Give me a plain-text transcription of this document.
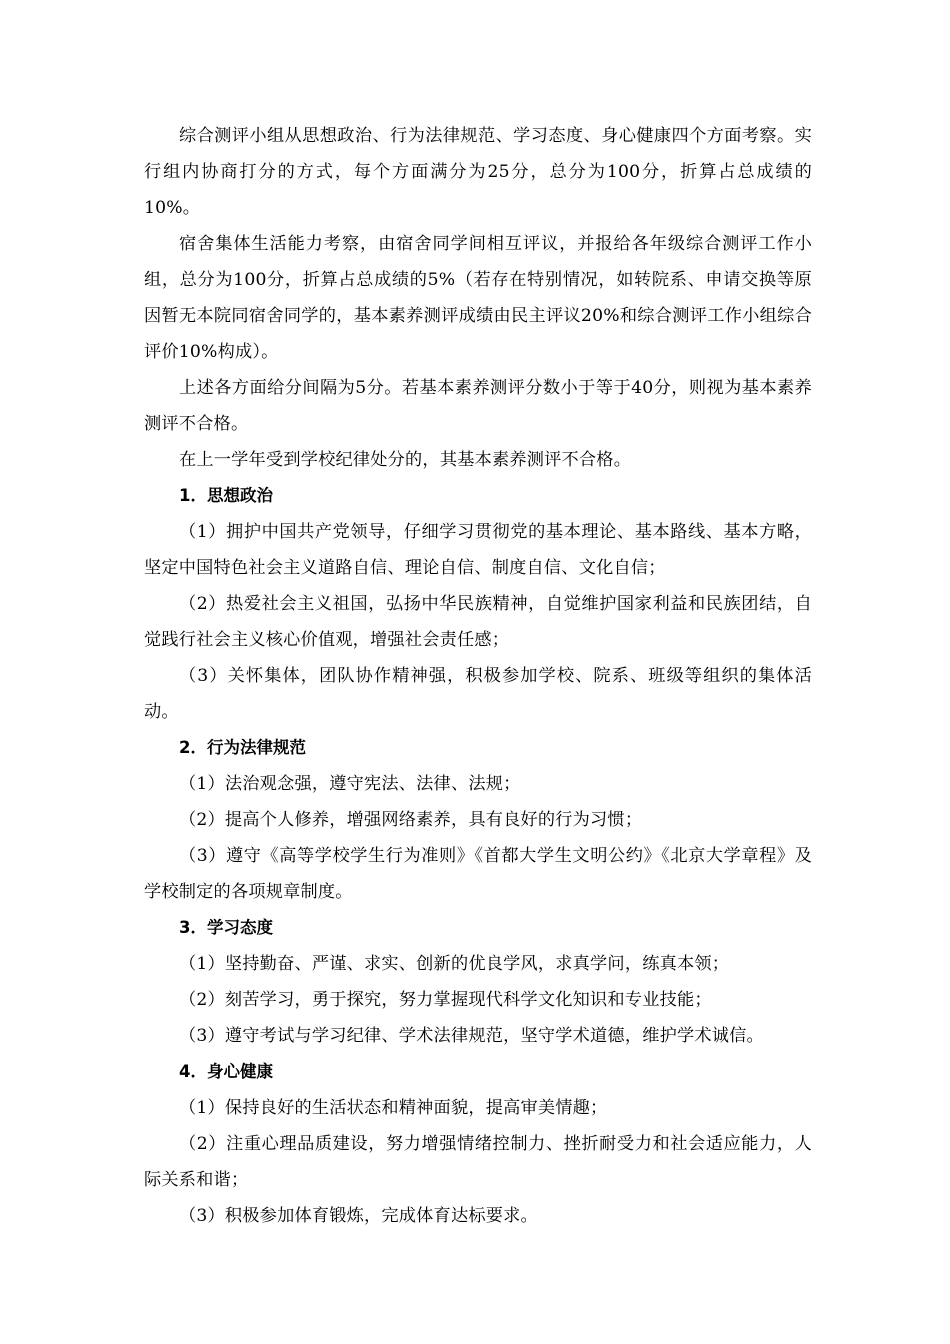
综合测评小组从思想政治、行为法律规范、学习态度、身心健康四个方面考察。实行组内协商打分的方式，每个方面满分为25分，总分为100分，折算占总成绩的10%。

宿舍集体生活能力考察，由宿舍同学间相互评议，并报给各年级综合测评工作小组，总分为100分，折算占总成绩的5%（若存在特别情况，如转院系、申请交换等原因暂无本院同宿舍同学的，基本素养测评成绩由民主评议20%和综合测评工作小组综合评价10%构成）。

上述各方面给分间隔为5分。若基本素养测评分数小于等于40分，则视为基本素养测评不合格。

在上一学年受到学校纪律处分的，其基本素养测评不合格。

1．思想政治

（1）拥护中国共产党领导，仔细学习贯彻党的基本理论、基本路线、基本方略，坚定中国特色社会主义道路自信、理论自信、制度自信、文化自信；

（2）热爱社会主义祖国，弘扬中华民族精神，自觉维护国家利益和民族团结，自觉践行社会主义核心价值观，增强社会责任感；

（3）关怀集体，团队协作精神强，积极参加学校、院系、班级等组织的集体活动。

2．行为法律规范

（1）法治观念强，遵守宪法、法律、法规；

（2）提高个人修养，增强网络素养，具有良好的行为习惯；

（3）遵守《高等学校学生行为准则》《首都大学生文明公约》《北京大学章程》及学校制定的各项规章制度。

3．学习态度

（1）坚持勤奋、严谨、求实、创新的优良学风，求真学问，练真本领；

（2）刻苦学习，勇于探究，努力掌握现代科学文化知识和专业技能；

（3）遵守考试与学习纪律、学术法律规范，坚守学术道德，维护学术诚信。

4．身心健康

（1）保持良好的生活状态和精神面貌，提高审美情趣；

（2）注重心理品质建设，努力增强情绪控制力、挫折耐受力和社会适应能力，人际关系和谐；

（3）积极参加体育锻炼，完成体育达标要求。
